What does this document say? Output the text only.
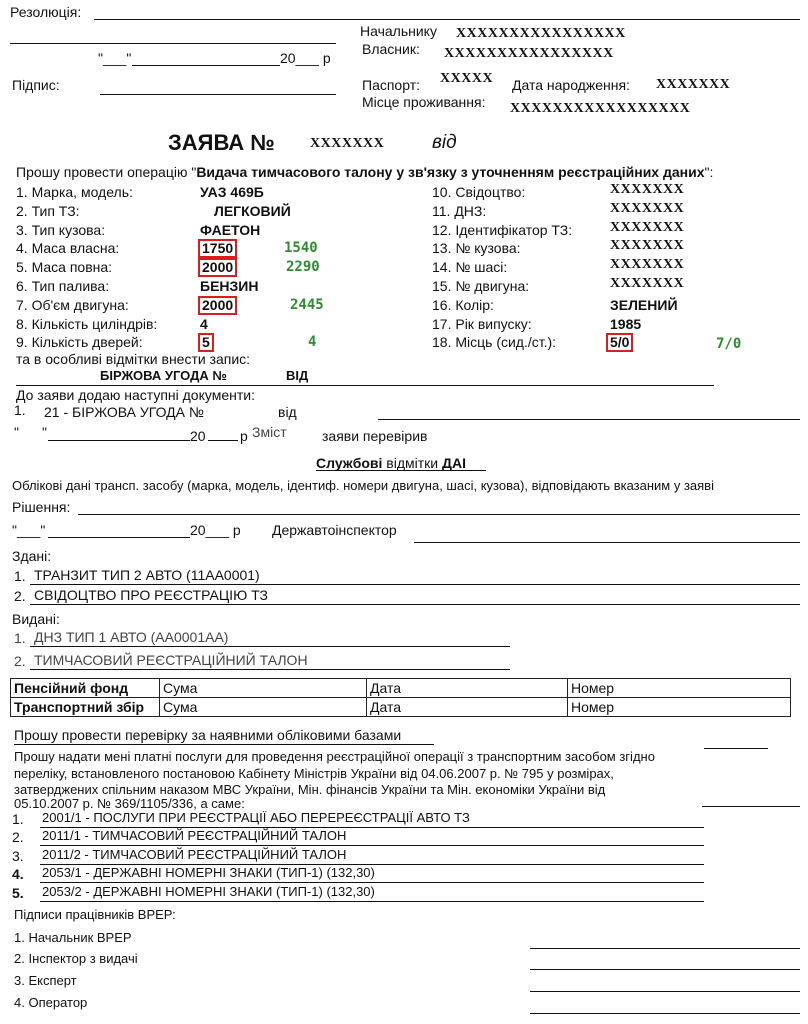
Резолюція:
"___"	20___ р
Підпис:
Начальнику XXXXXXXXXXXXXXXX
Власник: XXXXXXXXXXXXXXXX
Паспорт: XXXXX Дата народження: XXXXXXX
Місце проживання: XXXXXXXXXXXXXXXXX
ЗАЯВА №	XXXXXXX	від
Прошу провести операцію "Видача тимчасового талону у зв'язку з уточненням реєстраційних даних":
1. Марка, модель:	УАЗ 469Б
2. Тип ТЗ:	ЛЕГКОВИЙ
3. Тип кузова:	ФАЕТОН
4. Маса власна:	1750	1540
5. Маса повна:	2000	2290
6. Тип палива:	БЕНЗИН
7. Об'єм двигуна:	2000	2445
8. Кількість циліндрів:	4
9. Кількість дверей:	5	4
10. Свідоцтво:	XXXXXXX
11. ДНЗ:	XXXXXXX
12. Ідентифікатор ТЗ:	XXXXXXX
13. № кузова:	XXXXXXX
14. № шасі:	XXXXXXX
15. № двигуна:	XXXXXXX
16. Колір:	ЗЕЛЕНИЙ
17. Рік випуску:	1985
18. Місць (сид./ст.):	5/0	7/0
та в особливі відмітки внести запис:
БІРЖОВА УГОДА №	ВІД
До заяви додаю наступні документи:
1. 21 - БІРЖОВА УГОДА №	від
" "	20 р Зміст	заяви перевірив
Службові відмітки ДАІ
Облікові дані трансп. засобу (марка, модель, ідентиф. номери двигуна, шасі, кузова), відповідають вказаним у заяві
Рішення:
"___"	20___ р Державтоінспектор
Здані:
1. ТРАНЗИТ ТИП 2 АВТО (11АА0001)
2. СВІДОЦТВО ПРО РЕЄСТРАЦІЮ ТЗ
Видані:
1. ДНЗ ТИП 1 АВТО (АА0001АА)
2. ТИМЧАСОВИЙ РЕЄСТРАЦІЙНИЙ ТАЛОН
Пенсійний фонд	Сума	Дата	Номер
Транспортний збір	Сума	Дата	Номер
Прошу провести перевірку за наявними обліковими базами
Прошу надати мені платні послуги для проведення реєстраційної операції з транспортним засобом згідно
переліку, встановленого постановою Кабінету Міністрів України від 04.06.2007 р. № 795 у розмірах,
затверджених спільним наказом МВС України, Мін. фінансів України та Мін. економіки України від
05.10.2007 р. № 369/1105/336, а саме:
1. 2001/1 - ПОСЛУГИ ПРИ РЕЄСТРАЦІЇ АБО ПЕРЕРЕЄСТРАЦІЇ АВТО ТЗ
2. 2011/1 - ТИМЧАСОВИЙ РЕЄСТРАЦІЙНИЙ ТАЛОН
3. 2011/2 - ТИМЧАСОВИЙ РЕЄСТРАЦІЙНИЙ ТАЛОН
4. 2053/1 - ДЕРЖАВНІ НОМЕРНІ ЗНАКИ (ТИП-1) (132,30)
5. 2053/2 - ДЕРЖАВНІ НОМЕРНІ ЗНАКИ (ТИП-1) (132,30)
Підписи працівників ВРЕР:
1. Начальник ВРЕР
2. Інспектор з видачі
3. Експерт
4. Оператор
